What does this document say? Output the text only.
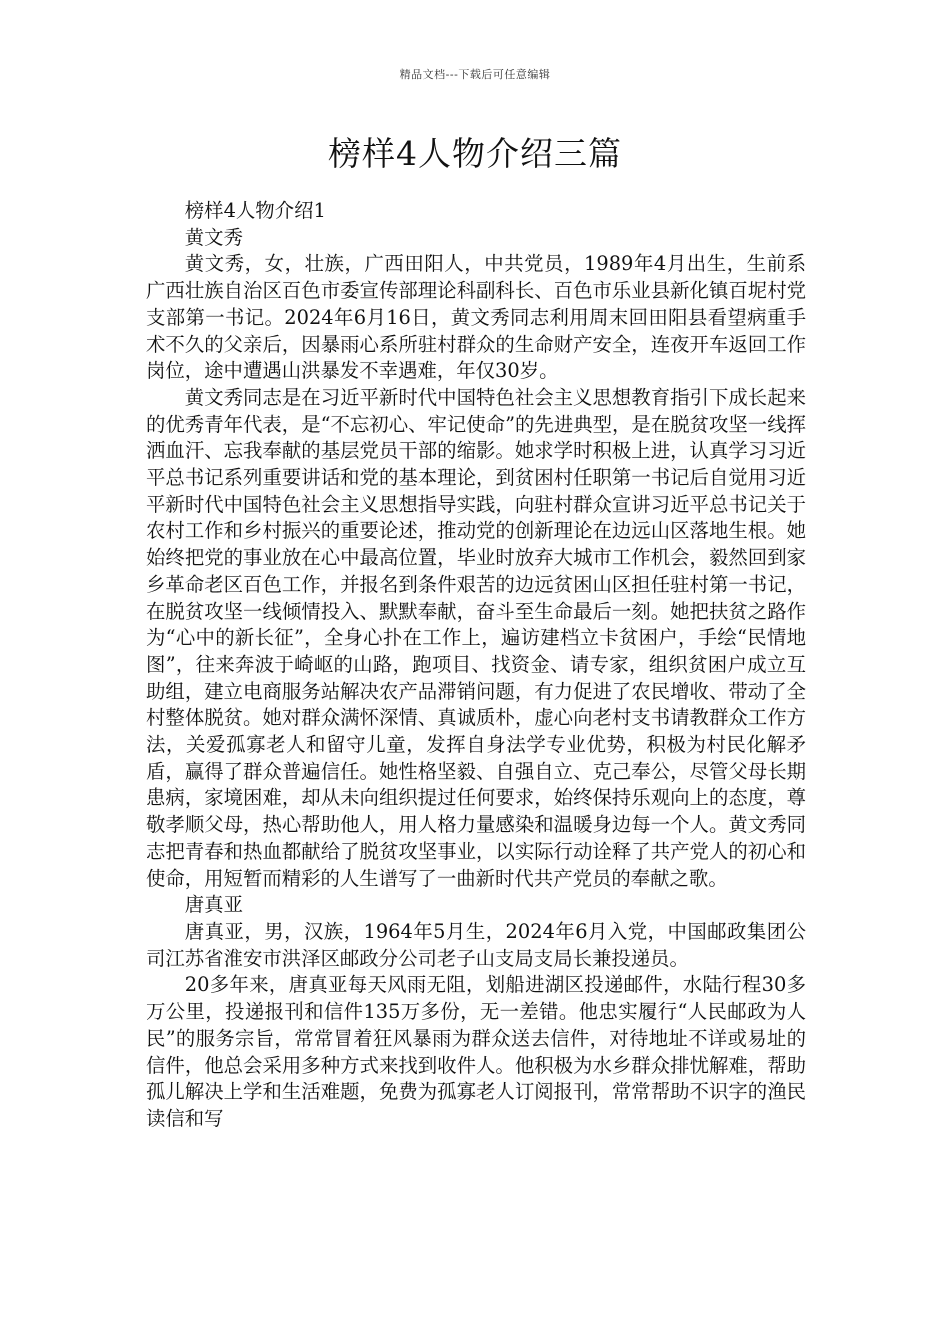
精品文档---下载后可任意编辑
榜样4人物介绍三篇

榜样4人物介绍1

黄文秀

黄文秀，女，壮族，广西田阳人，中共党员，1989年4月出生，生前系广西壮族自治区百色市委宣传部理论科副科长、百色市乐业县新化镇百坭村党支部第一书记。2024年6月16日，黄文秀同志利用周末回田阳县看望病重手术不久的父亲后，因暴雨心系所驻村群众的生命财产安全，连夜开车返回工作岗位，途中遭遇山洪暴发不幸遇难，年仅30岁。

黄文秀同志是在习近平新时代中国特色社会主义思想教育指引下成长起来的优秀青年代表，是“不忘初心、牢记使命”的先进典型，是在脱贫攻坚一线挥洒血汗、忘我奉献的基层党员干部的缩影。她求学时积极上进，认真学习习近平总书记系列重要讲话和党的基本理论，到贫困村任职第一书记后自觉用习近平新时代中国特色社会主义思想指导实践，向驻村群众宣讲习近平总书记关于农村工作和乡村振兴的重要论述，推动党的创新理论在边远山区落地生根。她始终把党的事业放在心中最高位置，毕业时放弃大城市工作机会，毅然回到家乡革命老区百色工作，并报名到条件艰苦的边远贫困山区担任驻村第一书记，在脱贫攻坚一线倾情投入、默默奉献，奋斗至生命最后一刻。她把扶贫之路作为“心中的新长征”，全身心扑在工作上，遍访建档立卡贫困户，手绘“民情地图”，往来奔波于崎岖的山路，跑项目、找资金、请专家，组织贫困户成立互助组，建立电商服务站解决农产品滞销问题，有力促进了农民增收、带动了全村整体脱贫。她对群众满怀深情、真诚质朴，虚心向老村支书请教群众工作方法，关爱孤寡老人和留守儿童，发挥自身法学专业优势，积极为村民化解矛盾，赢得了群众普遍信任。她性格坚毅、自强自立、克己奉公，尽管父母长期患病，家境困难，却从未向组织提过任何要求，始终保持乐观向上的态度，尊敬孝顺父母，热心帮助他人，用人格力量感染和温暖身边每一个人。黄文秀同志把青春和热血都献给了脱贫攻坚事业，以实际行动诠释了共产党人的初心和使命，用短暂而精彩的人生谱写了一曲新时代共产党员的奉献之歌。

唐真亚

唐真亚，男，汉族，1964年5月生，2024年6月入党，中国邮政集团公司江苏省淮安市洪泽区邮政分公司老子山支局支局长兼投递员。

20多年来，唐真亚每天风雨无阻，划船进湖区投递邮件，水陆行程30多万公里，投递报刊和信件135万多份，无一差错。他忠实履行“人民邮政为人民”的服务宗旨，常常冒着狂风暴雨为群众送去信件，对待地址不详或易址的信件，他总会采用多种方式来找到收件人。他积极为水乡群众排忧解难，帮助孤儿解决上学和生活难题，免费为孤寡老人订阅报刊，常常帮助不识字的渔民读信和写
